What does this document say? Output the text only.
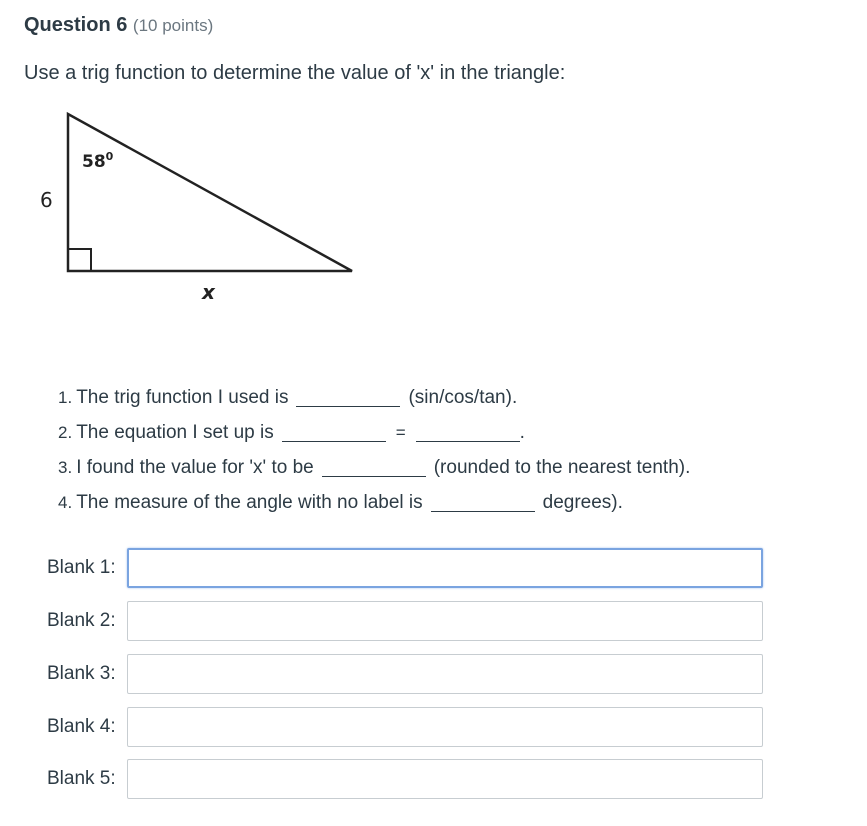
Question 6 (10 points)
Use a trig function to determine the value of 'x' in the triangle:
$58^0$
6
x
1. The trig function I used is	(sin/cos/tan).
2. The equation I set up is	=	.
3. I found the value for 'x' to be	(rounded to the nearest tenth).
4. The measure of the angle with no label is	degrees).
Blank 1:
Blank 2:
Blank 3:
Blank 4:
Blank 5:
